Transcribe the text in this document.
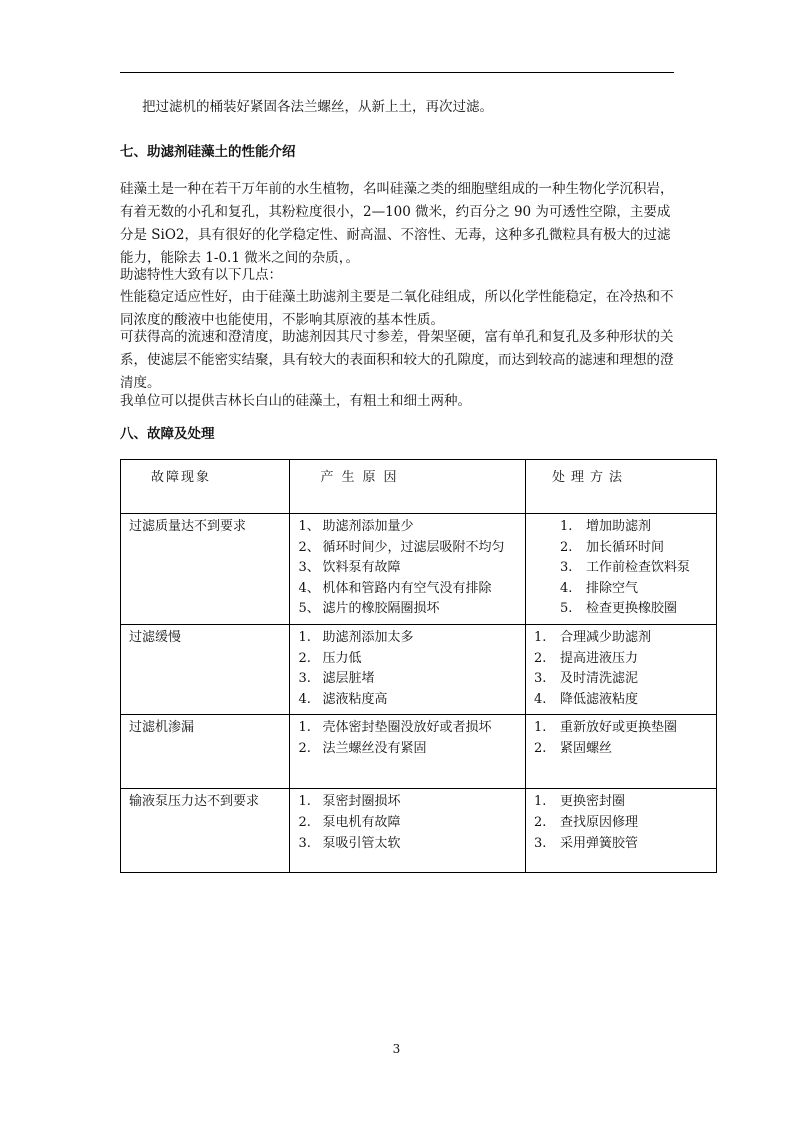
把过滤机的桶装好紧固各法兰螺丝，从新上土，再次过滤。

七、助滤剂硅藻土的性能介绍

硅藻土是一种在若干万年前的水生植物，名叫硅藻之类的细胞壁组成的一种生物化学沉积岩，有着无数的小孔和复孔，其粉粒度很小，2—100 微米，约百分之 90 为可透性空隙，主要成分是 SiO2，具有很好的化学稳定性、耐高温、不溶性、无毒，这种多孔微粒具有极大的过滤能力，能除去 1-0.1 微米之间的杂质，。

助滤特性大致有以下几点：

性能稳定适应性好，由于硅藻土助滤剂主要是二氧化硅组成，所以化学性能稳定，在冷热和不同浓度的酸液中也能使用，不影响其原液的基本性质。

可获得高的流速和澄清度，助滤剂因其尺寸参差，骨架坚硬，富有单孔和复孔及多种形状的关系，使滤层不能密实结聚，具有较大的表面积和较大的孔隙度，而达到较高的滤速和理想的澄清度。

我单位可以提供吉林长白山的硅藻土，有粗土和细土两种。

八、故障及处理
故障现象	产生原因	处理方法

过滤质量达不到要求	1、 助滤剂添加量少
2、 循环时间少，过滤层吸附不均匀
3、 饮料泵有故障
4、 机体和管路内有空气没有排除
5、 滤片的橡胶隔圈损坏	1. 增加助滤剂
2. 加长循环时间
3. 工作前检查饮料泵
4. 排除空气
5. 检查更换橡胶圈

过滤缓慢	1. 助滤剂添加太多
2. 压力低
3. 滤层脏堵
4. 滤液粘度高	1. 合理减少助滤剂
2. 提高进液压力
3. 及时清洗滤泥
4. 降低滤液粘度

过滤机渗漏	1. 壳体密封垫圈没放好或者损坏
2. 法兰螺丝没有紧固	1. 重新放好或更换垫圈
2. 紧固螺丝

输液泵压力达不到要求	1. 泵密封圈损坏
2. 泵电机有故障
3. 泵吸引管太软	1. 更换密封圈
2. 查找原因修理
3. 采用弹簧胶管
3
